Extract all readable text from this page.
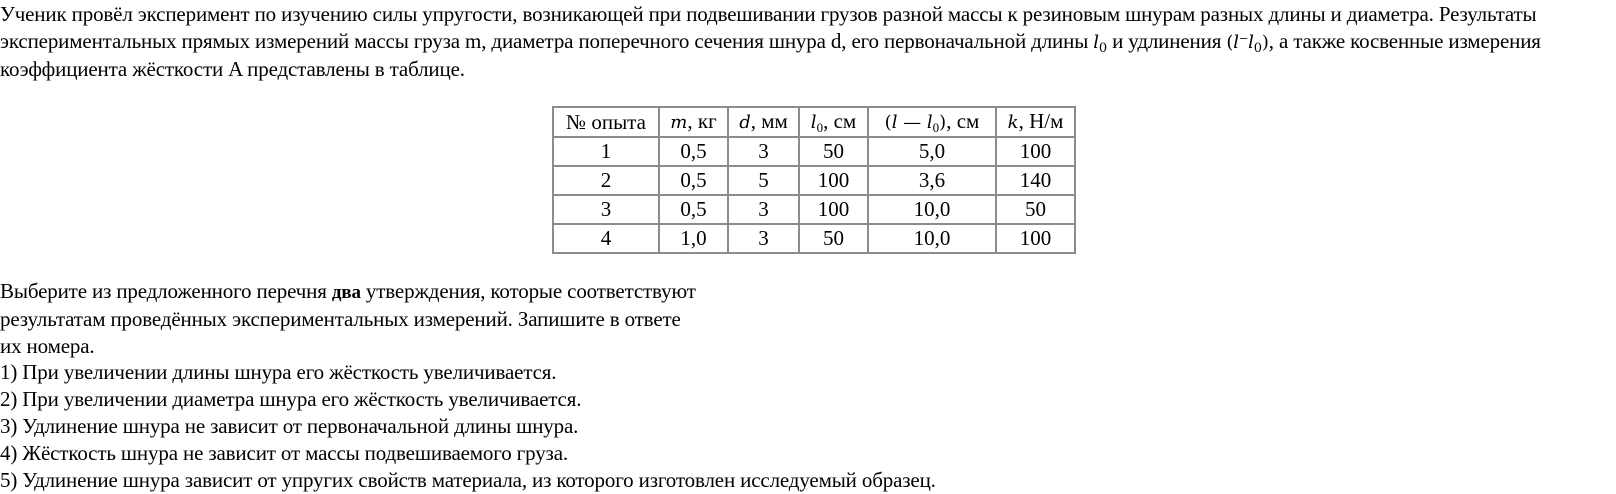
Ученик провёл эксперимент по изучению силы упругости, возникающей при подвешивании грузов разной массы к резиновым шнурам разных длины и диаметра. Результаты экспериментальных прямых измерений массы груза m, диаметра поперечного сечения шнура d, его первоначальной длины $l_0$ и удлинения $(l^-l_0)$, а также косвенные измерения коэффициента жёсткости A представлены в таблице.

№ опыта	m, кг	d, мм	$l_0$, см	(l — $l_0$), см	k, Н/м
1	0,5	3	50	5,0	100
2	0,5	5	100	3,6	140
3	0,5	3	100	10,0	50
4	1,0	3	50	10,0	100

Выберите из предложенного перечня два утверждения, которые соответствуют
результатам проведённых экспериментальных измерений. Запишите в ответе
их номера.

1) При увеличении длины шнура его жёсткость увеличивается.
2) При увеличении диаметра шнура его жёсткость увеличивается.
3) Удлинение шнура не зависит от первоначальной длины шнура.
4) Жёсткость шнура не зависит от массы подвешиваемого груза.
5) Удлинение шнура зависит от упругих свойств материала, из которого изготовлен исследуемый образец.
